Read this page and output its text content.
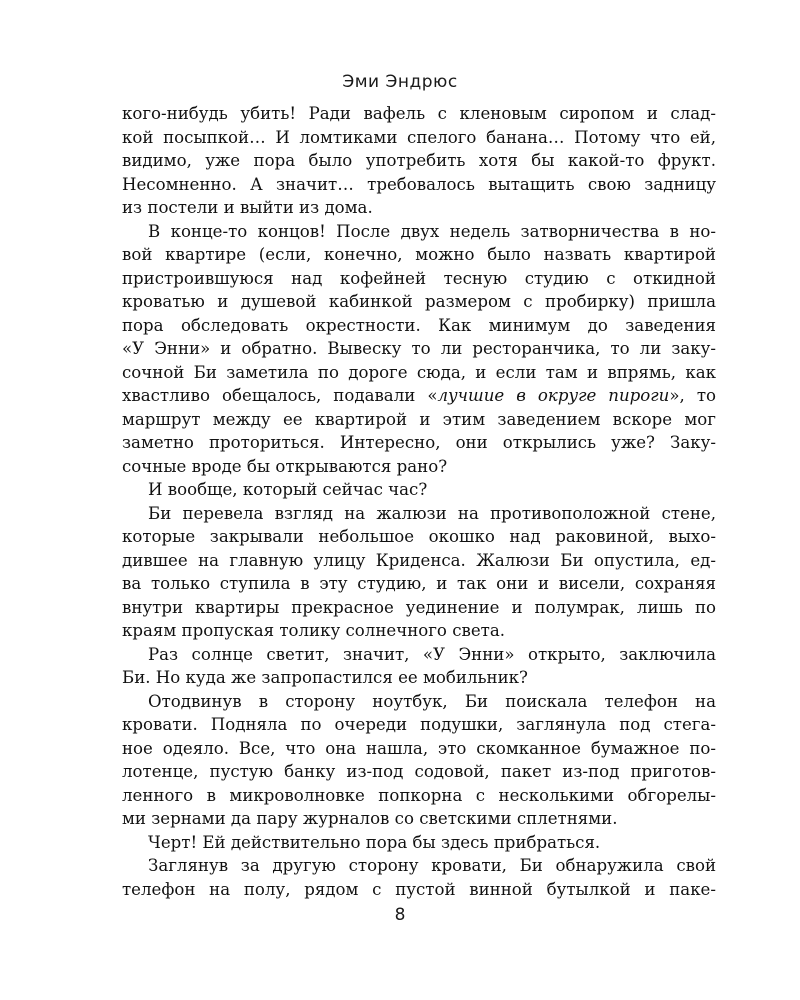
Эми Эндрюс
кого-нибудь убить! Ради вафель с кленовым сиропом и слад-
кой посыпкой… И ломтиками спелого банана… Потому что ей,
видимо, уже пора было употребить хотя бы какой-то фрукт.
Несомненно. А значит… требовалось вытащить свою задницу
из постели и выйти из дома.
В конце-то концов! После двух недель затворничества в но-
вой квартире (если, конечно, можно было назвать квартирой
пристроившуюся над кофейней тесную студию с откидной
кроватью и душевой кабинкой размером с пробирку) пришла
пора обследовать окрестности. Как минимум до заведения
«У Энни» и обратно. Вывеску то ли ресторанчика, то ли заку-
сочной Би заметила по дороге сюда, и если там и впрямь, как
хвастливо обещалось, подавали «лучшие в округе пироги», то
маршрут между ее квартирой и этим заведением вскоре мог
заметно проториться. Интересно, они открылись уже? Заку-
сочные вроде бы открываются рано?
И вообще, который сейчас час?
Би перевела взгляд на жалюзи на противоположной стене,
которые закрывали небольшое окошко над раковиной, выхо-
дившее на главную улицу Криденса. Жалюзи Би опустила, ед-
ва только ступила в эту студию, и так они и висели, сохраняя
внутри квартиры прекрасное уединение и полумрак, лишь по
краям пропуская толику солнечного света.
Раз солнце светит, значит, «У Энни» открыто, заключила
Би. Но куда же запропастился ее мобильник?
Отодвинув в сторону ноутбук, Би поискала телефон на
кровати. Подняла по очереди подушки, заглянула под стега-
ное одеяло. Все, что она нашла, это скомканное бумажное по-
лотенце, пустую банку из-под содовой, пакет из-под приготов-
ленного в микроволновке попкорна с несколькими обгорелы-
ми зернами да пару журналов со светскими сплетнями.
Черт! Ей действительно пора бы здесь прибраться.
Заглянув за другую сторону кровати, Би обнаружила свой
телефон на полу, рядом с пустой винной бутылкой и паке-
8
